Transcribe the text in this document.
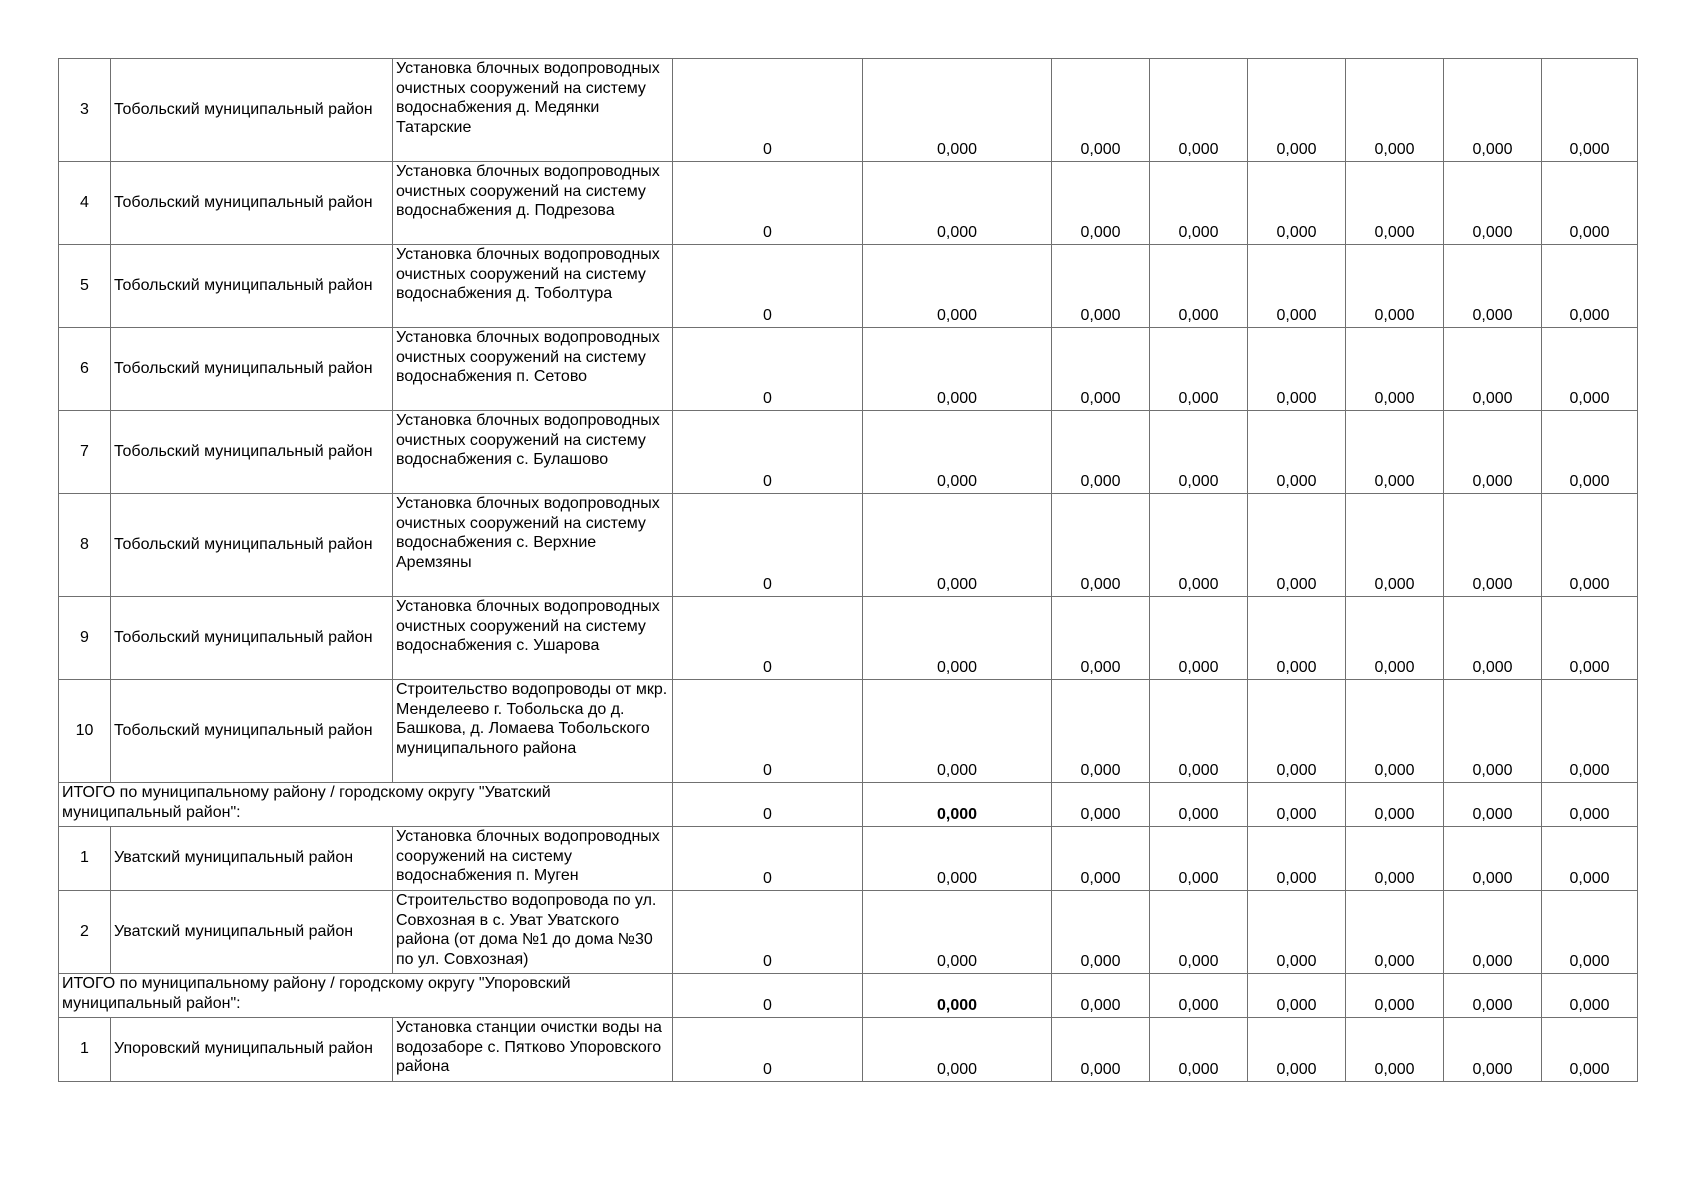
3	Тобольский муниципальный район	Установка блочных водопроводных очистных сооружений на систему водоснабжения д. Медянки Татарские	0	0,000	0,000	0,000	0,000	0,000	0,000	0,000
4	Тобольский муниципальный район	Установка блочных водопроводных очистных сооружений на систему водоснабжения д. Подрезова	0	0,000	0,000	0,000	0,000	0,000	0,000	0,000
5	Тобольский муниципальный район	Установка блочных водопроводных очистных сооружений на систему водоснабжения д. Тоболтура	0	0,000	0,000	0,000	0,000	0,000	0,000	0,000
6	Тобольский муниципальный район	Установка блочных водопроводных очистных сооружений на систему водоснабжения п. Сетово	0	0,000	0,000	0,000	0,000	0,000	0,000	0,000
7	Тобольский муниципальный район	Установка блочных водопроводных очистных сооружений на систему водоснабжения с. Булашово	0	0,000	0,000	0,000	0,000	0,000	0,000	0,000
8	Тобольский муниципальный район	Установка блочных водопроводных очистных сооружений на систему водоснабжения с. Верхние Аремзяны	0	0,000	0,000	0,000	0,000	0,000	0,000	0,000
9	Тобольский муниципальный район	Установка блочных водопроводных очистных сооружений на систему водоснабжения с. Ушарова	0	0,000	0,000	0,000	0,000	0,000	0,000	0,000
10	Тобольский муниципальный район	Строительство водопроводы от мкр. Менделеево г. Тобольска до д. Башкова, д. Ломаева Тобольского муниципального района	0	0,000	0,000	0,000	0,000	0,000	0,000	0,000
ИТОГО по муниципальному району / городскому округу "Уватский муниципальный район":			0	0,000	0,000	0,000	0,000	0,000	0,000	0,000
1	Уватский муниципальный район	Установка блочных водопроводных сооружений на систему водоснабжения п. Муген	0	0,000	0,000	0,000	0,000	0,000	0,000	0,000
2	Уватский муниципальный район	Строительство водопровода по ул. Совхозная в с. Уват Уватского района (от дома №1 до дома №30 по ул. Совхозная)	0	0,000	0,000	0,000	0,000	0,000	0,000	0,000
ИТОГО по муниципальному району / городскому округу "Упоровский муниципальный район":			0	0,000	0,000	0,000	0,000	0,000	0,000	0,000
1	Упоровский муниципальный район	Установка станции очистки воды на водозаборе с. Пятково Упоровского района	0	0,000	0,000	0,000	0,000	0,000	0,000	0,000
